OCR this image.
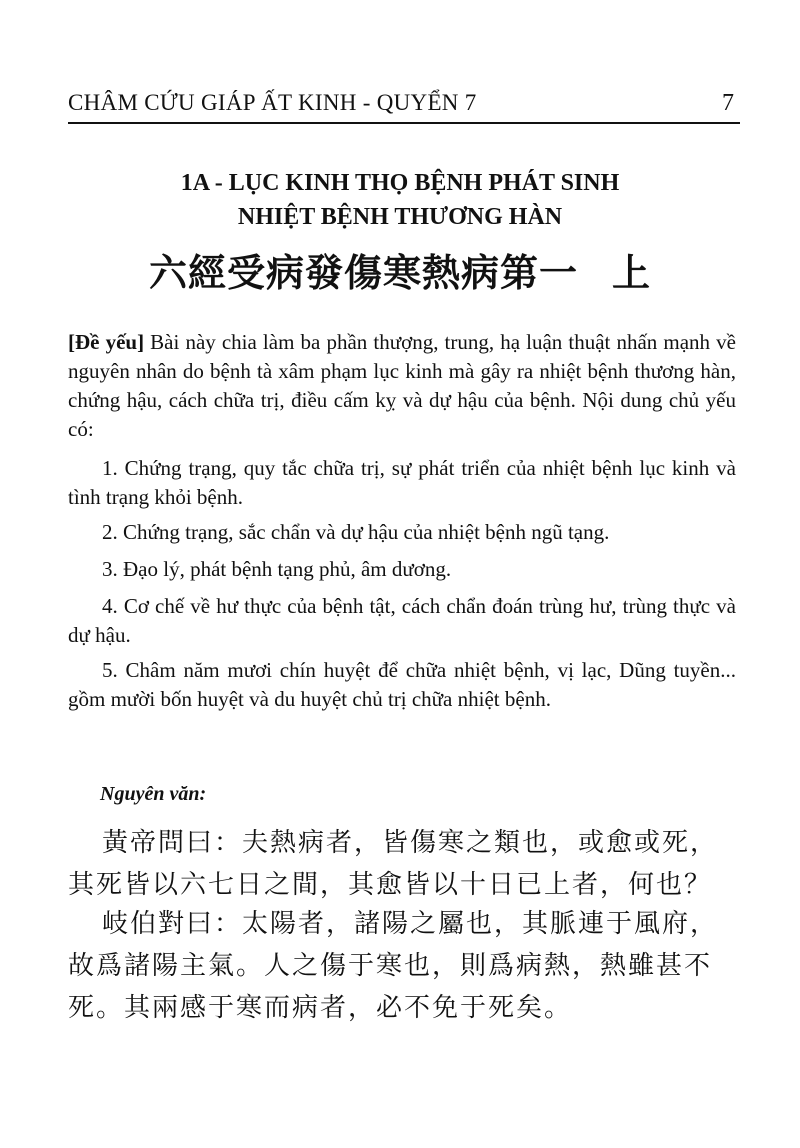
CHÂM CỨU GIÁP ẤT KINH - QUYỂN 7	7
1A - LỤC KINH THỌ BỆNH PHÁT SINH
NHIỆT BỆNH THƯƠNG HÀN
六經受病發傷寒熱病第一 上

[Đề yếu] Bài này chia làm ba phần thượng, trung, hạ luận thuật nhấn mạnh về nguyên nhân do bệnh tà xâm phạm lục kinh mà gây ra nhiệt bệnh thương hàn, chứng hậu, cách chữa trị, điều cấm kỵ và dự hậu của bệnh. Nội dung chủ yếu có:

1. Chứng trạng, quy tắc chữa trị, sự phát triển của nhiệt bệnh lục kinh và tình trạng khỏi bệnh.

2. Chứng trạng, sắc chẩn và dự hậu của nhiệt bệnh ngũ tạng.

3. Đạo lý, phát bệnh tạng phủ, âm dương.

4. Cơ chế về hư thực của bệnh tật, cách chẩn đoán trùng hư, trùng thực và dự hậu.

5. Châm năm mươi chín huyệt để chữa nhiệt bệnh, vị lạc, Dũng tuyền... gồm mười bốn huyệt và du huyệt chủ trị chữa nhiệt bệnh.

Nguyên văn:

黃帝問曰：夫熱病者，皆傷寒之類也，或愈或死，其死皆以六七日之間，其愈皆以十日已上者，何也？

岐伯對曰：太陽者，諸陽之屬也，其脈連于風府，故爲諸陽主氣。人之傷于寒也，則爲病熱，熱雖甚不死。其兩感于寒而病者，必不免于死矣。
